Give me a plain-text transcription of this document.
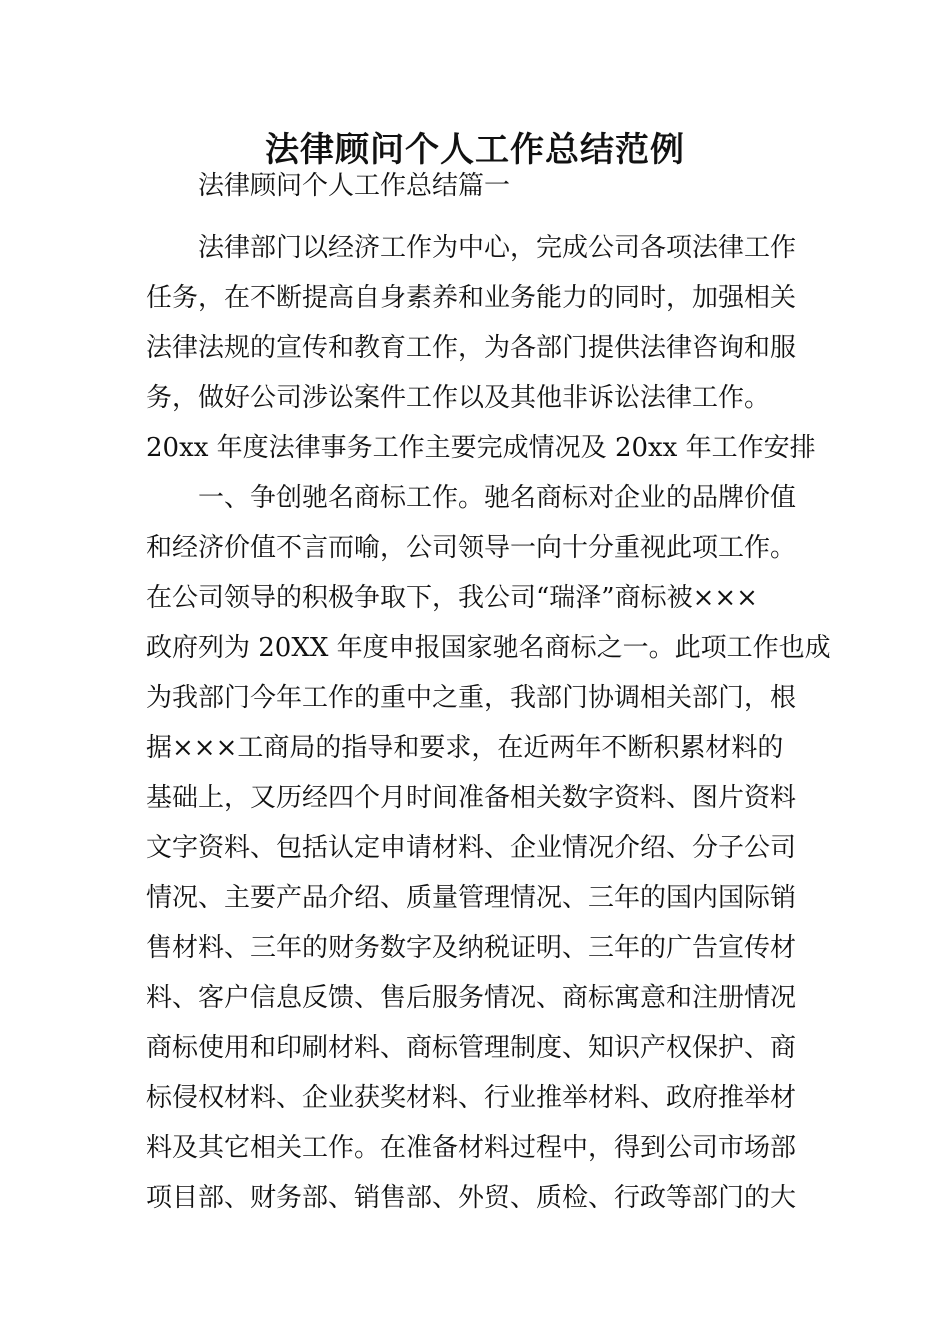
法律顾问个人工作总结范例

法律顾问个人工作总结篇一

法律部门以经济工作为中心，完成公司各项法律工作

任务，在不断提高自身素养和业务能力的同时，加强相关

法律法规的宣传和教育工作，为各部门提供法律咨询和服

务，做好公司涉讼案件工作以及其他非诉讼法律工作。

20xx 年度法律事务工作主要完成情况及 20xx 年工作安排

一、争创驰名商标工作。驰名商标对企业的品牌价值

和经济价值不言而喻，公司领导一向十分重视此项工作。

在公司领导的积极争取下，我公司“瑞泽”商标被×××

政府列为 20XX 年度申报国家驰名商标之一。此项工作也成

为我部门今年工作的重中之重，我部门协调相关部门，根

据×××工商局的指导和要求，在近两年不断积累材料的

基础上，又历经四个月时间准备相关数字资料、图片资料

文字资料、包括认定申请材料、企业情况介绍、分子公司

情况、主要产品介绍、质量管理情况、三年的国内国际销

售材料、三年的财务数字及纳税证明、三年的广告宣传材

料、客户信息反馈、售后服务情况、商标寓意和注册情况

商标使用和印刷材料、商标管理制度、知识产权保护、商

标侵权材料、企业获奖材料、行业推举材料、政府推举材

料及其它相关工作。在准备材料过程中，得到公司市场部

项目部、财务部、销售部、外贸、质检、行政等部门的大
